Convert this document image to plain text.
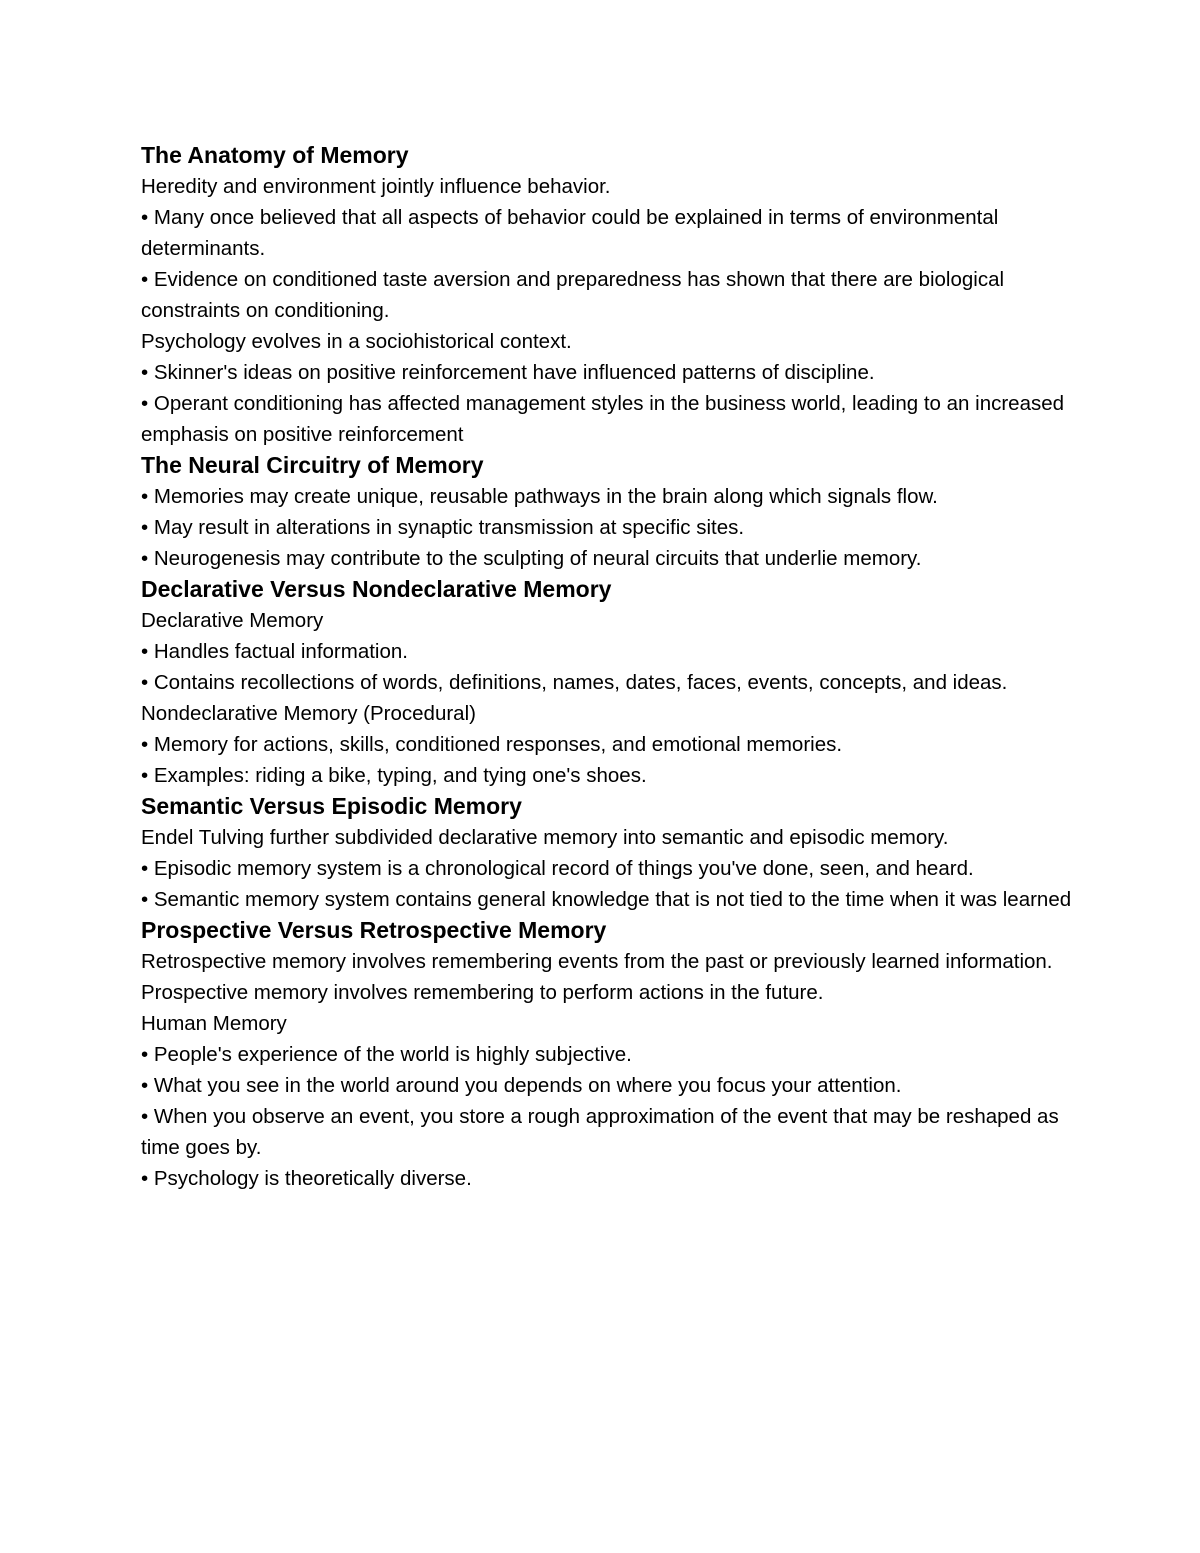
The Anatomy of Memory

Heredity and environment jointly influence behavior.

• Many once believed that all aspects of behavior could be explained in terms of environmental determinants.

• Evidence on conditioned taste aversion and preparedness has shown that there are biological constraints on conditioning.

Psychology evolves in a sociohistorical context.

• Skinner's ideas on positive reinforcement have influenced patterns of discipline.

• Operant conditioning has affected management styles in the business world, leading to an increased emphasis on positive reinforcement

The Neural Circuitry of Memory

• Memories may create unique, reusable pathways in the brain along which signals flow.

• May result in alterations in synaptic transmission at specific sites.

• Neurogenesis may contribute to the sculpting of neural circuits that underlie memory.

Declarative Versus Nondeclarative Memory

Declarative Memory

• Handles factual information.

• Contains recollections of words, definitions, names, dates, faces, events, concepts, and ideas.

Nondeclarative Memory (Procedural)

• Memory for actions, skills, conditioned responses, and emotional memories.

• Examples: riding a bike, typing, and tying one's shoes.

Semantic Versus Episodic Memory

Endel Tulving further subdivided declarative memory into semantic and episodic memory.

• Episodic memory system is a chronological record of things you've done, seen, and heard.

• Semantic memory system contains general knowledge that is not tied to the time when it was learned

Prospective Versus Retrospective Memory

Retrospective memory involves remembering events from the past or previously learned information.

Prospective memory involves remembering to perform actions in the future.

Human Memory

• People's experience of the world is highly subjective.

• What you see in the world around you depends on where you focus your attention.

• When you observe an event, you store a rough approximation of the event that may be reshaped as time goes by.

• Psychology is theoretically diverse.
